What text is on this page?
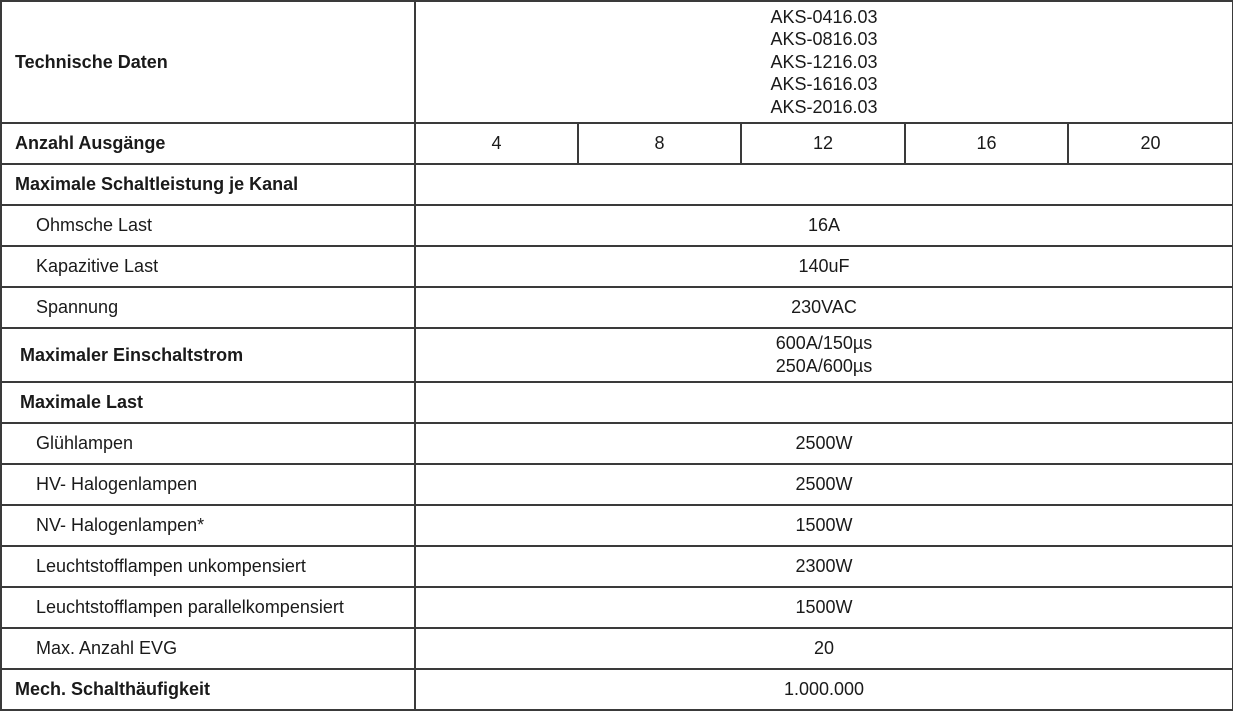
Technische Daten	AKS-0416.03
AKS-0816.03
AKS-1216.03
AKS-1616.03
AKS-2016.03				

Anzahl Ausgänge	4	8	12	16	20
Maximale Schaltleistung je Kanal					
Ohmsche Last	16A				
Kapazitive Last	140uF				
Spannung	230VAC				
Maximaler Einschaltstrom	600A/150µs
250A/600µs				

Maximale Last					
Glühlampen	2500W				
HV- Halogenlampen	2500W				
NV- Halogenlampen*	1500W				
Leuchtstofflampen unkompensiert	2300W				
Leuchtstofflampen parallelkompensiert	1500W				
Max. Anzahl EVG	20				
Mech. Schalthäufigkeit	1.000.000				
